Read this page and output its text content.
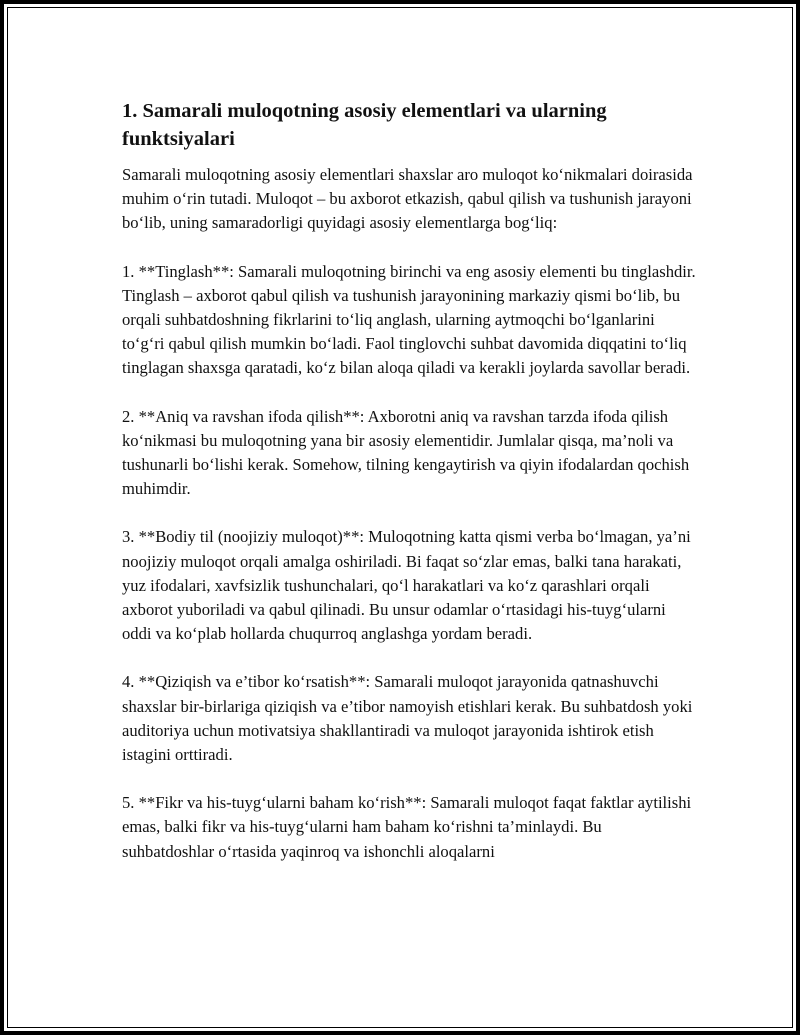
1. Samarali muloqotning asosiy elementlari va ularning funktsiyalari

Samarali muloqotning asosiy elementlari shaxslar aro muloqot ko‘nikmalari doirasida muhim o‘rin tutadi. Muloqot – bu axborot etkazish, qabul qilish va tushunish jarayoni bo‘lib, uning samaradorligi quyidagi asosiy elementlarga bog‘liq:

1. **Tinglash**: Samarali muloqotning birinchi va eng asosiy elementi bu tinglashdir. Tinglash – axborot qabul qilish va tushunish jarayonining markaziy qismi bo‘lib, bu orqali suhbatdoshning fikrlarini to‘liq anglash, ularning aytmoqchi bo‘lganlarini to‘g‘ri qabul qilish mumkin bo‘ladi. Faol tinglovchi suhbat davomida diqqatini to‘liq tinglagan shaxsga qaratadi, ko‘z bilan aloqa qiladi va kerakli joylarda savollar beradi.

2. **Aniq va ravshan ifoda qilish**: Axborotni aniq va ravshan tarzda ifoda qilish ko‘nikmasi bu muloqotning yana bir asosiy elementidir. Jumlalar qisqa, ma’noli va tushunarli bo‘lishi kerak. Somehow, tilning kengaytirish va qiyin ifodalardan qochish muhimdir.

3. **Bodiy til (noojiziy muloqot)**: Muloqotning katta qismi verba bo‘lmagan, ya’ni noojiziy muloqot orqali amalga oshiriladi. Bi faqat so‘zlar emas, balki tana harakati, yuz ifodalari, xavfsizlik tushunchalari, qo‘l harakatlari va ko‘z qarashlari orqali axborot yuboriladi va qabul qilinadi. Bu unsur odamlar o‘rtasidagi his-tuyg‘ularni oddi va ko‘plab hollarda chuqurroq anglashga yordam beradi.

4. **Qiziqish va e’tibor ko‘rsatish**: Samarali muloqot jarayonida qatnashuvchi shaxslar bir-birlariga qiziqish va e’tibor namoyish etishlari kerak. Bu suhbatdosh yoki auditoriya uchun motivatsiya shakllantiradi va muloqot jarayonida ishtirok etish istagini orttiradi.

5. **Fikr va his-tuyg‘ularni baham ko‘rish**: Samarali muloqot faqat faktlar aytilishi emas, balki fikr va his-tuyg‘ularni ham baham ko‘rishni ta’minlaydi. Bu suhbatdoshlar o‘rtasida yaqinroq va ishonchli aloqalarni
